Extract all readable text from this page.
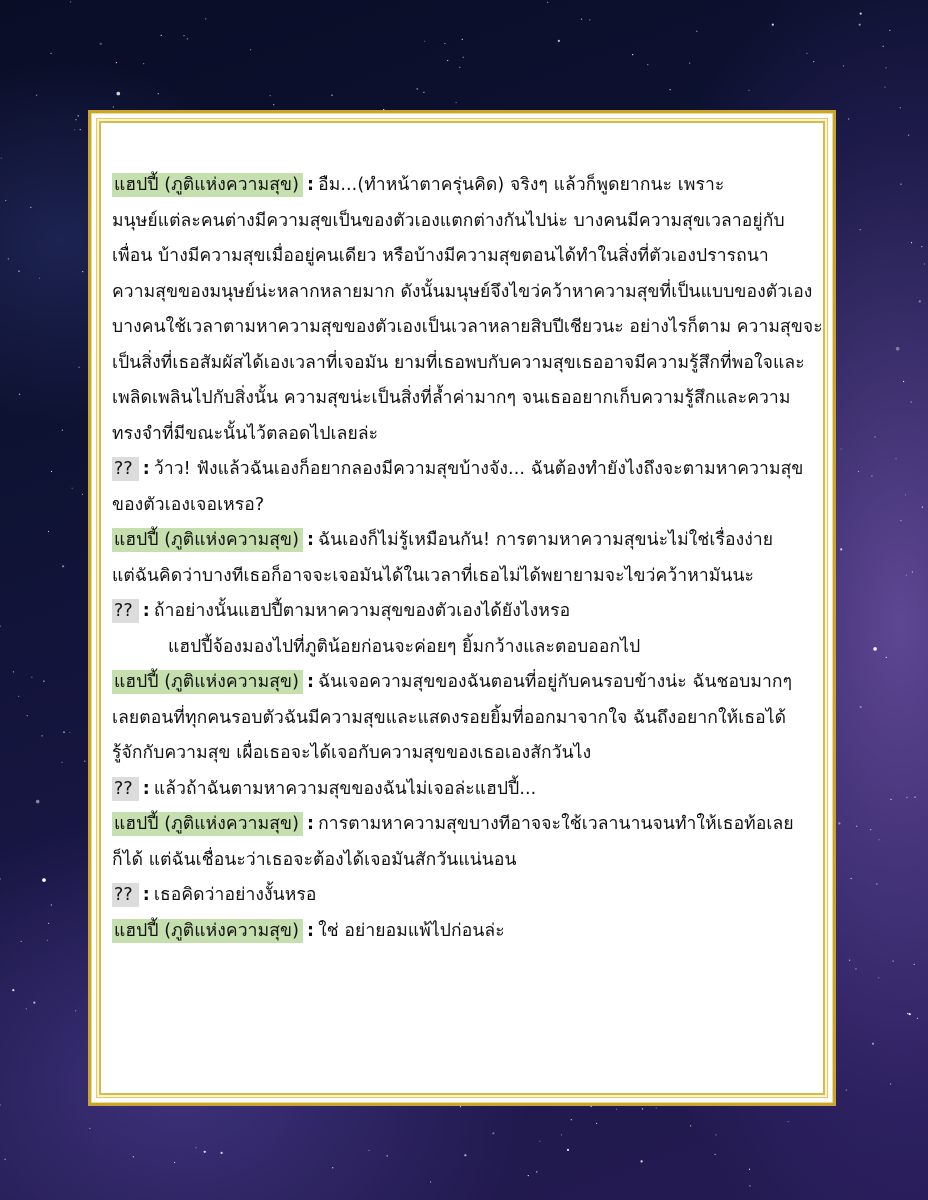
แฮปปี้ (ภูติแห่งความสุข) : อืม...(ทำหน้าตาครุ่นคิด) จริงๆ แล้วก็พูดยากนะ เพราะ
มนุษย์แต่ละคนต่างมีความสุขเป็นของตัวเองแตกต่างกันไปน่ะ บางคนมีความสุขเวลาอยู่กับ
เพื่อน บ้างมีความสุขเมื่ออยู่คนเดียว หรือบ้างมีความสุขตอนได้ทำในสิ่งที่ตัวเองปรารถนา
ความสุขของมนุษย์น่ะหลากหลายมาก ดังนั้นมนุษย์จึงไขว่คว้าหาความสุขที่เป็นแบบของตัวเอง
บางคนใช้เวลาตามหาความสุขของตัวเองเป็นเวลาหลายสิบปีเชียวนะ อย่างไรก็ตาม ความสุขจะ
เป็นสิ่งที่เธอสัมผัสได้เองเวลาที่เจอมัน ยามที่เธอพบกับความสุขเธออาจมีความรู้สึกที่พอใจและ
เพลิดเพลินไปกับสิ่งนั้น ความสุขน่ะเป็นสิ่งที่ล้ำค่ามากๆ จนเธออยากเก็บความรู้สึกและความ
ทรงจำที่มีขณะนั้นไว้ตลอดไปเลยล่ะ
?? : ว้าว! ฟังแล้วฉันเองก็อยากลองมีความสุขบ้างจัง... ฉันต้องทำยังไงถึงจะตามหาความสุข
ของตัวเองเจอเหรอ?
แฮปปี้ (ภูติแห่งความสุข) : ฉันเองก็ไม่รู้เหมือนกัน! การตามหาความสุขน่ะไม่ใช่เรื่องง่าย
แต่ฉันคิดว่าบางทีเธอก็อาจจะเจอมันได้ในเวลาที่เธอไม่ได้พยายามจะไขว่คว้าหามันนะ
?? : ถ้าอย่างนั้นแฮปปี้ตามหาความสุขของตัวเองได้ยังไงหรอ
แฮปปี้จ้องมองไปที่ภูติน้อยก่อนจะค่อยๆ ยิ้มกว้างและตอบออกไป
แฮปปี้ (ภูติแห่งความสุข) : ฉันเจอความสุขของฉันตอนที่อยู่กับคนรอบข้างน่ะ ฉันชอบมากๆ
เลยตอนที่ทุกคนรอบตัวฉันมีความสุขและแสดงรอยยิ้มที่ออกมาจากใจ ฉันถึงอยากให้เธอได้
รู้จักกับความสุข เผื่อเธอจะได้เจอกับความสุขของเธอเองสักวันไง
?? : แล้วถ้าฉันตามหาความสุขของฉันไม่เจอล่ะแฮปปี้...
แฮปปี้ (ภูติแห่งความสุข) : การตามหาความสุขบางทีอาจจะใช้เวลานานจนทำให้เธอท้อเลย
ก็ได้ แต่ฉันเชื่อนะว่าเธอจะต้องได้เจอมันสักวันแน่นอน
?? : เธอคิดว่าอย่างงั้นหรอ
แฮปปี้ (ภูติแห่งความสุข) : ใช่ อย่ายอมแพ้ไปก่อนล่ะ
